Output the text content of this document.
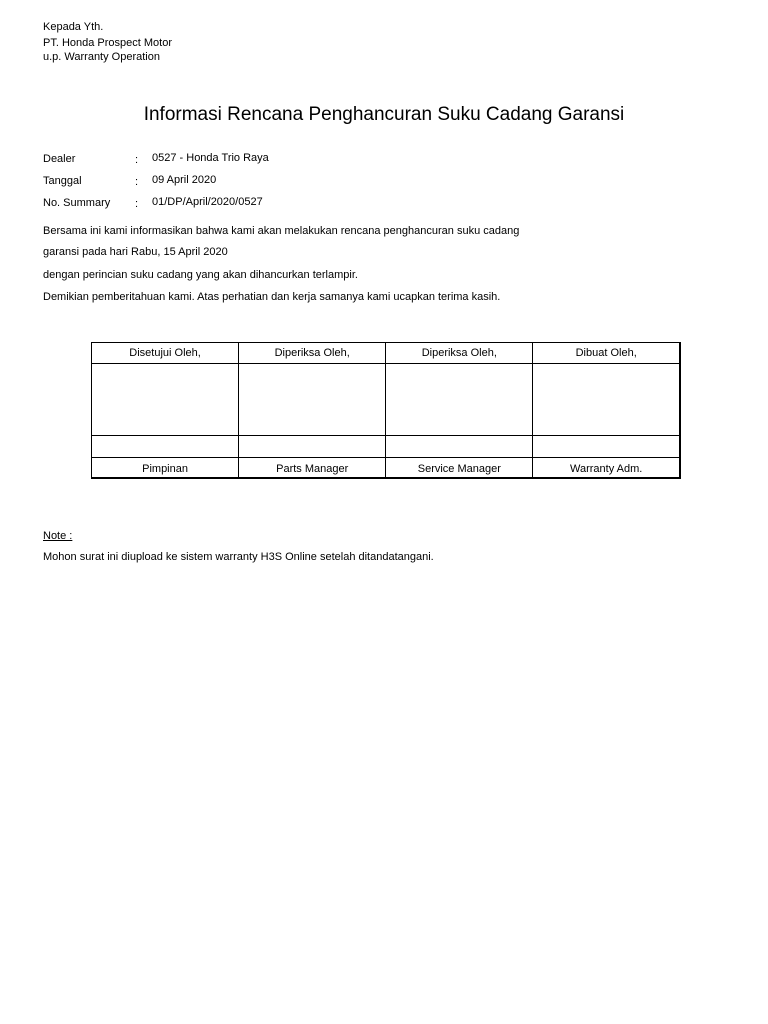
Kepada Yth.
PT. Honda Prospect Motor
u.p. Warranty Operation
Informasi Rencana Penghancuran Suku Cadang Garansi
Dealer	: 0527 - Honda Trio Raya
Tanggal	: 09 April 2020
No. Summary : 01/DP/April/2020/0527
Bersama ini kami informasikan bahwa kami akan melakukan rencana penghancuran suku cadang
garansi pada hari Rabu, 15 April 2020
dengan perincian suku cadang yang akan dihancurkan terlampir.
Demikian pemberitahuan kami. Atas perhatian dan kerja samanya kami ucapkan terima kasih.
Disetujui Oleh,	Diperiksa Oleh,	Diperiksa Oleh,	Dibuat Oleh,

Pimpinan	Parts Manager	Service Manager	Warranty Adm.
Note :
Mohon surat ini diupload ke sistem warranty H3S Online setelah ditandatangani.
